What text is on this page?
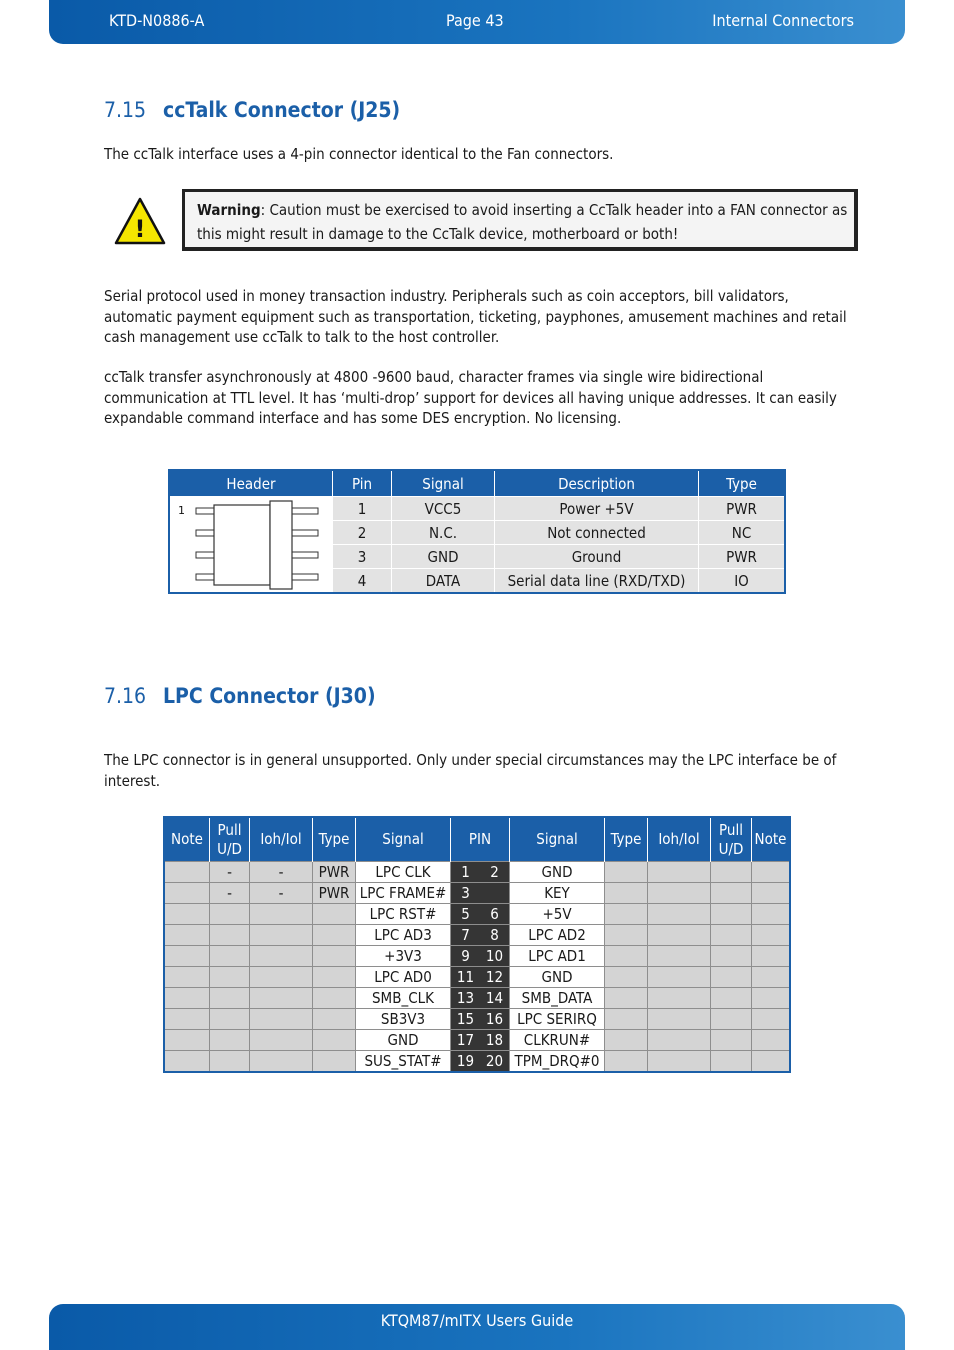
KTD-N0886-A	Page 43	Internal Connectors
7.15 ccTalk Connector (J25)
The ccTalk interface uses a 4-pin connector identical to the Fan connectors.
!
Warning: Caution must be exercised to avoid inserting a CcTalk header into a FAN connector as this might result in damage to the CcTalk device, motherboard or both!
Serial protocol used in money transaction industry. Peripherals such as coin acceptors, bill validators, automatic payment equipment such as transportation, ticketing, payphones, amusement machines and retail cash management use ccTalk to talk to the host controller.
ccTalk transfer asynchronously at 4800 -9600 baud, character frames via single wire bidirectional communication at TTL level. It has ‘multi-drop’ support for devices all having unique addresses. It can easily expandable command interface and has some DES encryption. No licensing.
Header	Pin	Signal	Description	Type

1	1	VCC5	Power +5V	PWR
	2	N.C.	Not connected	NC
	3	GND	Ground	PWR
	4	DATA	Serial data line (RXD/TXD)	IO
7.16 LPC Connector (J30)
The LPC connector is in general unsupported. Only under special circumstances may the LPC interface be of interest.
Note	Pull U/D	Ioh/Iol	Type	Signal	PIN		Signal	Type	Ioh/Iol	Pull U/D	Note
	-	-	PWR	LPC CLK	1	2	GND				
	-	-	PWR	LPC FRAME#	3		KEY				
				LPC RST#	5	6	+5V				
				LPC AD3	7	8	LPC AD2				
				+3V3	9	10	LPC AD1				
				LPC AD0	11	12	GND				
				SMB_CLK	13	14	SMB_DATA				
				SB3V3	15	16	LPC SERIRQ				
				GND	17	18	CLKRUN#				
				SUS_STAT#	19	20	TPM_DRQ#0				
KTQM87/mITX Users Guide
